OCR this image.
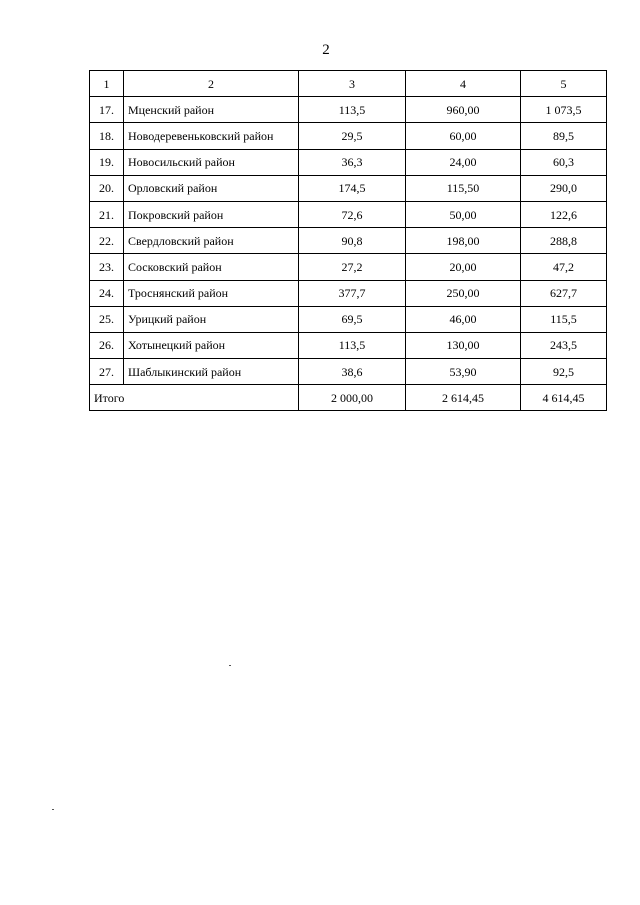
2
1	2	3	4	5
17.	Мценский район	113,5	960,00	1 073,5
18.	Новодеревеньковский район	29,5	60,00	89,5
19.	Новосильский район	36,3	24,00	60,3
20.	Орловский район	174,5	115,50	290,0
21.	Покровский район	72,6	50,00	122,6
22.	Свердловский район	90,8	198,00	288,8
23.	Сосковский район	27,2	20,00	47,2
24.	Троснянский район	377,7	250,00	627,7
25.	Урицкий район	69,5	46,00	115,5
26.	Хотынецкий район	113,5	130,00	243,5
27.	Шаблыкинский район	38,6	53,90	92,5
Итого		2 000,00	2 614,45	4 614,45
